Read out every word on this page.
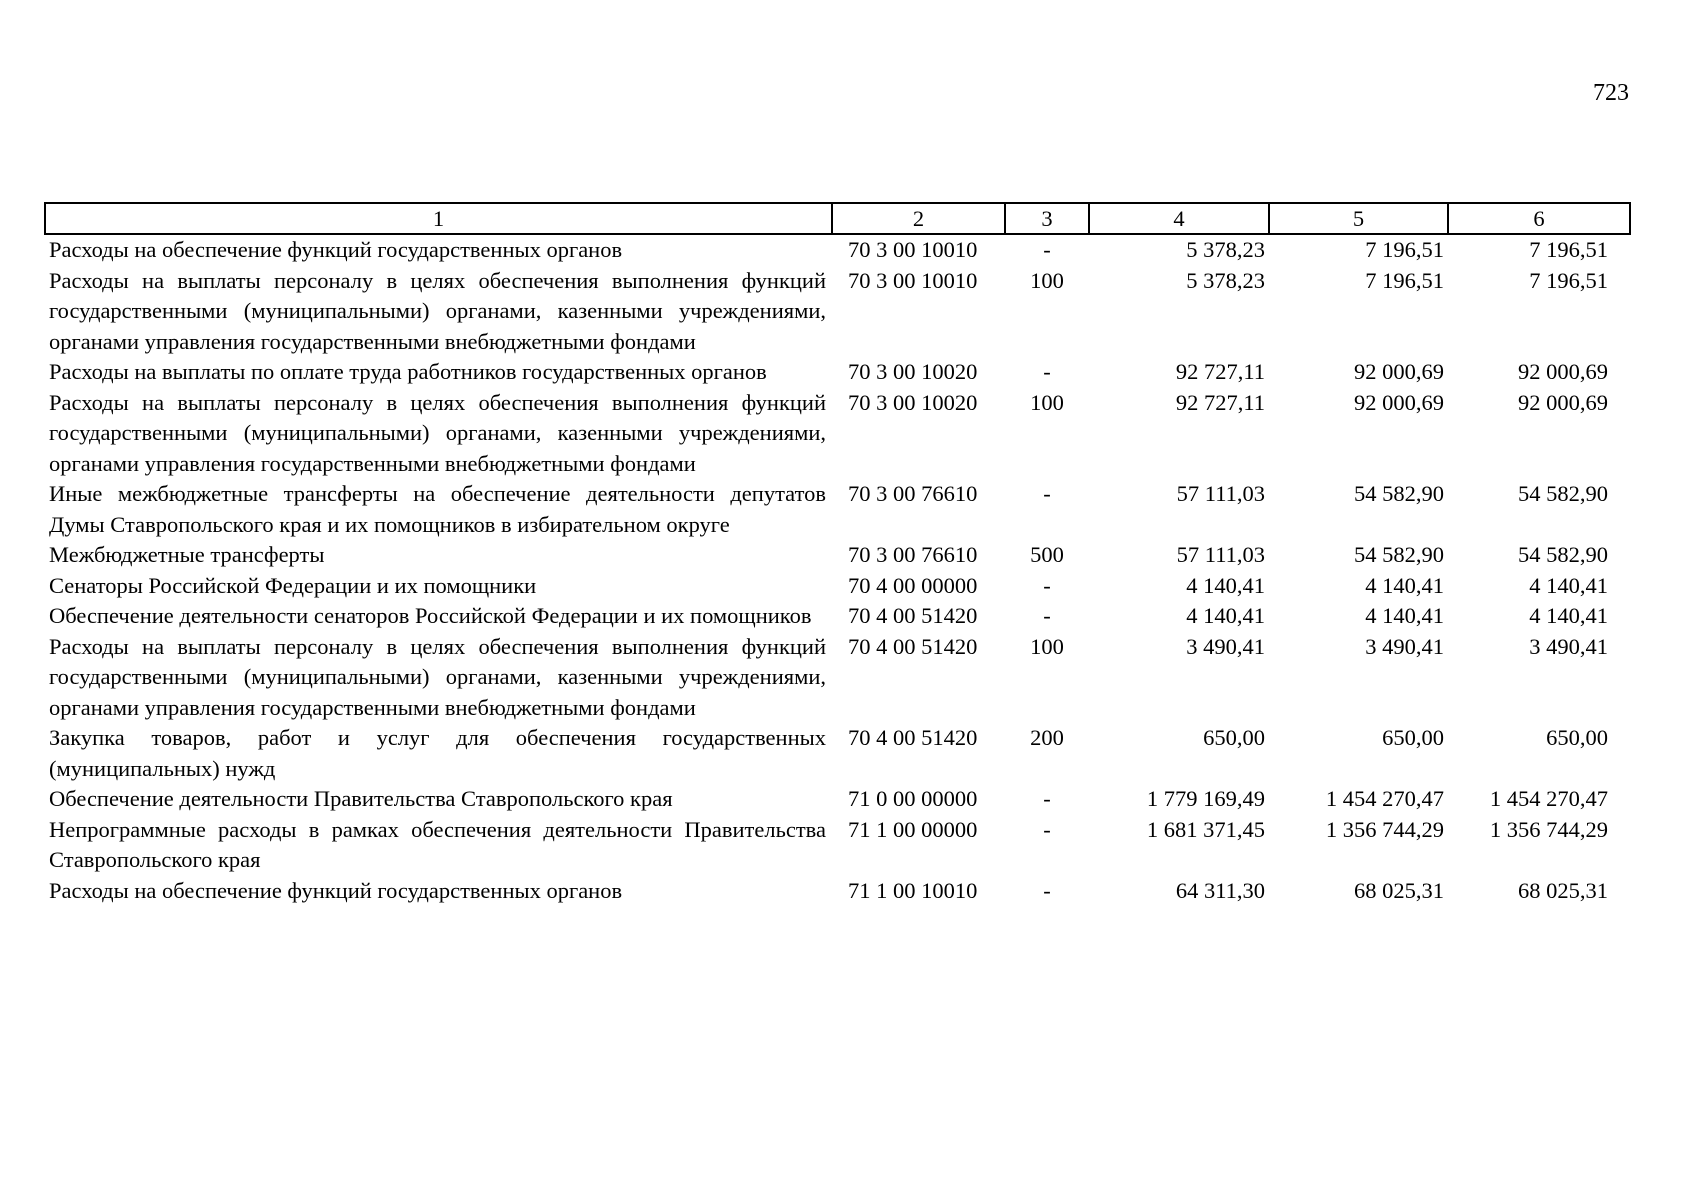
723
1	2	3	4	5	6
Расходы на обеспечение функций государственных органов	70 3 00 10010	-	5 378,23	7 196,51	7 196,51
Расходы на выплаты персоналу в целях обеспечения выполнения функций государственными (муниципальными) органами, казенными учреждениями, органами управления государственными внебюджетными фондами	70 3 00 10010	100	5 378,23	7 196,51	7 196,51
Расходы на выплаты по оплате труда работников государственных органов	70 3 00 10020	-	92 727,11	92 000,69	92 000,69
Расходы на выплаты персоналу в целях обеспечения выполнения функций государственными (муниципальными) органами, казенными учреждениями, органами управления государственными внебюджетными фондами	70 3 00 10020	100	92 727,11	92 000,69	92 000,69
Иные межбюджетные трансферты на обеспечение деятельности депутатов Думы Ставропольского края и их помощников в избирательном округе	70 3 00 76610	-	57 111,03	54 582,90	54 582,90
Межбюджетные трансферты	70 3 00 76610	500	57 111,03	54 582,90	54 582,90
Сенаторы Российской Федерации и их помощники	70 4 00 00000	-	4 140,41	4 140,41	4 140,41
Обеспечение деятельности сенаторов Российской Федерации и их помощников	70 4 00 51420	-	4 140,41	4 140,41	4 140,41
Расходы на выплаты персоналу в целях обеспечения выполнения функций государственными (муниципальными) органами, казенными учреждениями, органами управления государственными внебюджетными фондами	70 4 00 51420	100	3 490,41	3 490,41	3 490,41
Закупка товаров, работ и услуг для обеспечения государственных (муниципальных) нужд	70 4 00 51420	200	650,00	650,00	650,00
Обеспечение деятельности Правительства Ставропольского края	71 0 00 00000	-	1 779 169,49	1 454 270,47	1 454 270,47
Непрограммные расходы в рамках обеспечения деятельности Правительства Ставропольского края	71 1 00 00000	-	1 681 371,45	1 356 744,29	1 356 744,29
Расходы на обеспечение функций государственных органов	71 1 00 10010	-	64 311,30	68 025,31	68 025,31
